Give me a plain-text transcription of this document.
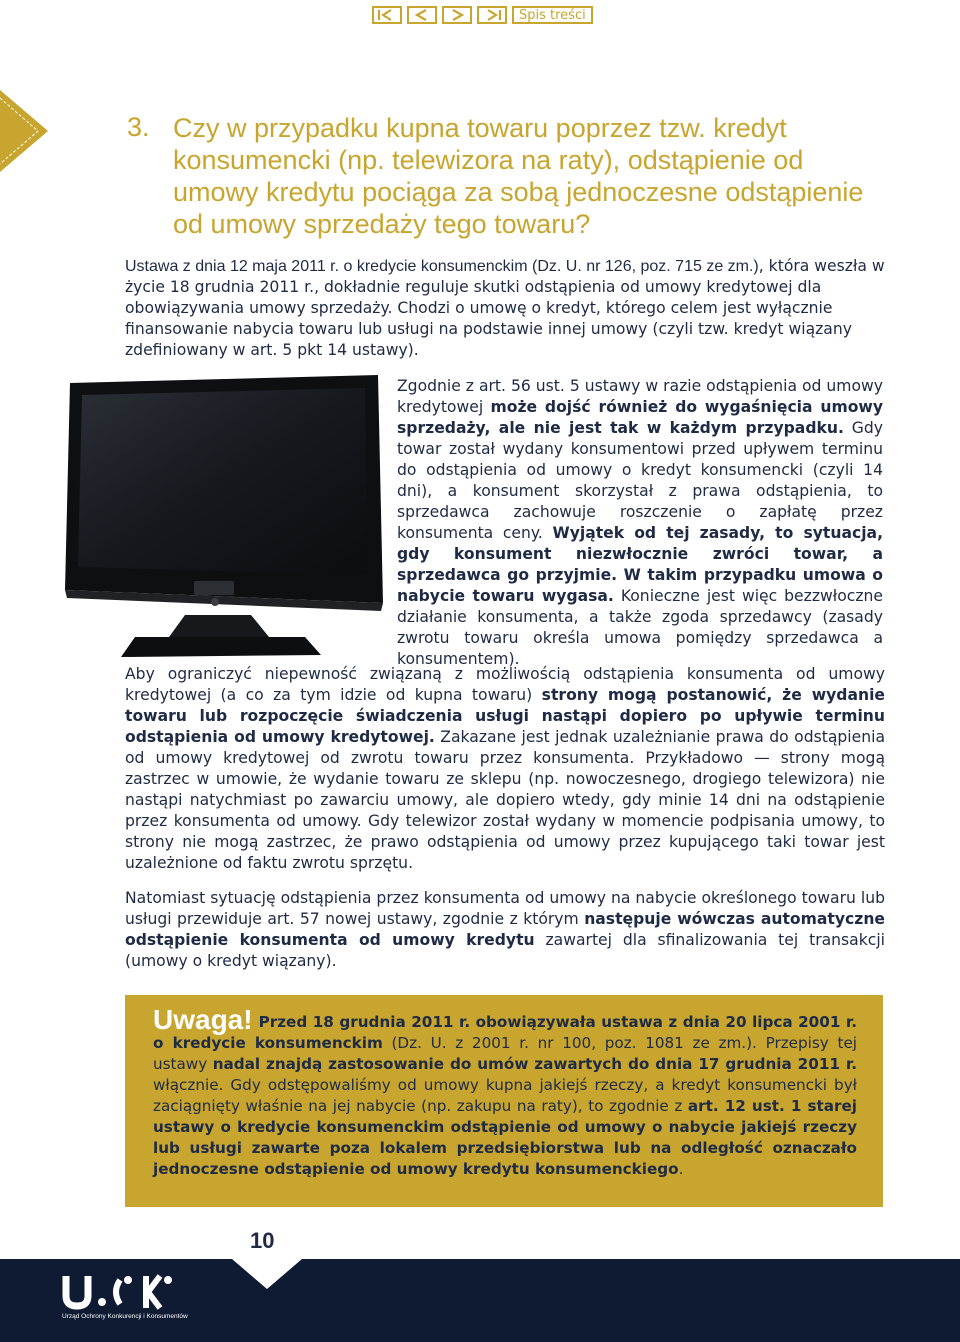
Spis treści
3. Czy w przypadku kupna towaru poprzez tzw. kredyt konsumencki (np. telewizora na raty), odstąpienie od umowy kredytu pociąga za sobą jednoczesne odstąpienie od umowy sprzedaży tego towaru?

Ustawa z dnia 12 maja 2011 r. o kredycie konsumenckim (Dz. U. nr 126, poz. 715 ze zm.), która weszła w życie 18 grudnia 2011 r., dokładnie reguluje skutki odstąpienia od umowy kredytowej dla obowiązywania umowy sprzedaży. Chodzi o umowę o kredyt, którego celem jest wyłącznie finansowanie nabycia towaru lub usługi na podstawie innej umowy (czyli tzw. kredyt wiązany zdefiniowany w art. 5 pkt 14 ustawy).

Zgodnie z art. 56 ust. 5 ustawy w razie odstąpienia od umowy kredytowej może dojść również do wygaśnięcia umowy sprzedaży, ale nie jest tak w każdym przypadku. Gdy towar został wydany konsumentowi przed upływem terminu do odstąpienia od umowy o kredyt konsumencki (czyli 14 dni), a konsument skorzystał z prawa odstąpienia, to sprzedawca zachowuje roszczenie o zapłatę przez konsumenta ceny. Wyjątek od tej zasady, to sytuacja, gdy konsument niezwłocznie zwróci towar, a sprzedawca go przyjmie. W takim przypadku umowa o nabycie towaru wygasa. Konieczne jest więc bezzwłoczne działanie konsumenta, a także zgoda sprzedawcy (zasady zwrotu towaru określa umowa pomiędzy sprzedawca a konsumentem).

Aby ograniczyć niepewność związaną z możliwością odstąpienia konsumenta od umowy kredytowej (a co za tym idzie od kupna towaru) strony mogą postanowić, że wydanie towaru lub rozpoczęcie świadczenia usługi nastąpi dopiero po upływie terminu odstąpienia od umowy kredytowej. Zakazane jest jednak uzależnianie prawa do odstąpienia od umowy kredytowej od zwrotu towaru przez konsumenta. Przykładowo — strony mogą zastrzec w umowie, że wydanie towaru ze sklepu (np. nowoczesnego, drogiego telewizora) nie nastąpi natychmiast po zawarciu umowy, ale dopiero wtedy, gdy minie 14 dni na odstąpienie przez konsumenta od umowy. Gdy telewizor został wydany w momencie podpisania umowy, to strony nie mogą zastrzec, że prawo odstąpienia od umowy przez kupującego taki towar jest uzależnione od faktu zwrotu sprzętu.

Natomiast sytuację odstąpienia przez konsumenta od umowy na nabycie określonego towaru lub usługi przewiduje art. 57 nowej ustawy, zgodnie z którym następuje wówczas automatyczne odstąpienie konsumenta od umowy kredytu zawartej dla sfinalizowania tej transakcji (umowy o kredyt wiązany).

Uwaga! Przed 18 grudnia 2011 r. obowiązywała ustawa z dnia 20 lipca 2001 r. o kredycie konsumenckim (Dz. U. z 2001 r. nr 100, poz. 1081 ze zm.). Przepisy tej ustawy nadal znajdą zastosowanie do umów zawartych do dnia 17 grudnia 2011 r. włącznie. Gdy odstępowaliśmy od umowy kupna jakiejś rzeczy, a kredyt konsumencki był zaciągnięty właśnie na jej nabycie (np. zakupu na raty), to zgodnie z art. 12 ust. 1 starej ustawy o kredycie konsumenckim odstąpienie od umowy o nabycie jakiejś rzeczy lub usługi zawarte poza lokalem przedsiębiorstwa lub na odległość oznaczało jednoczesne odstąpienie od umowy kredytu konsumenckiego.

10
Urząd Ochrony Konkurencji i Konsumentów
